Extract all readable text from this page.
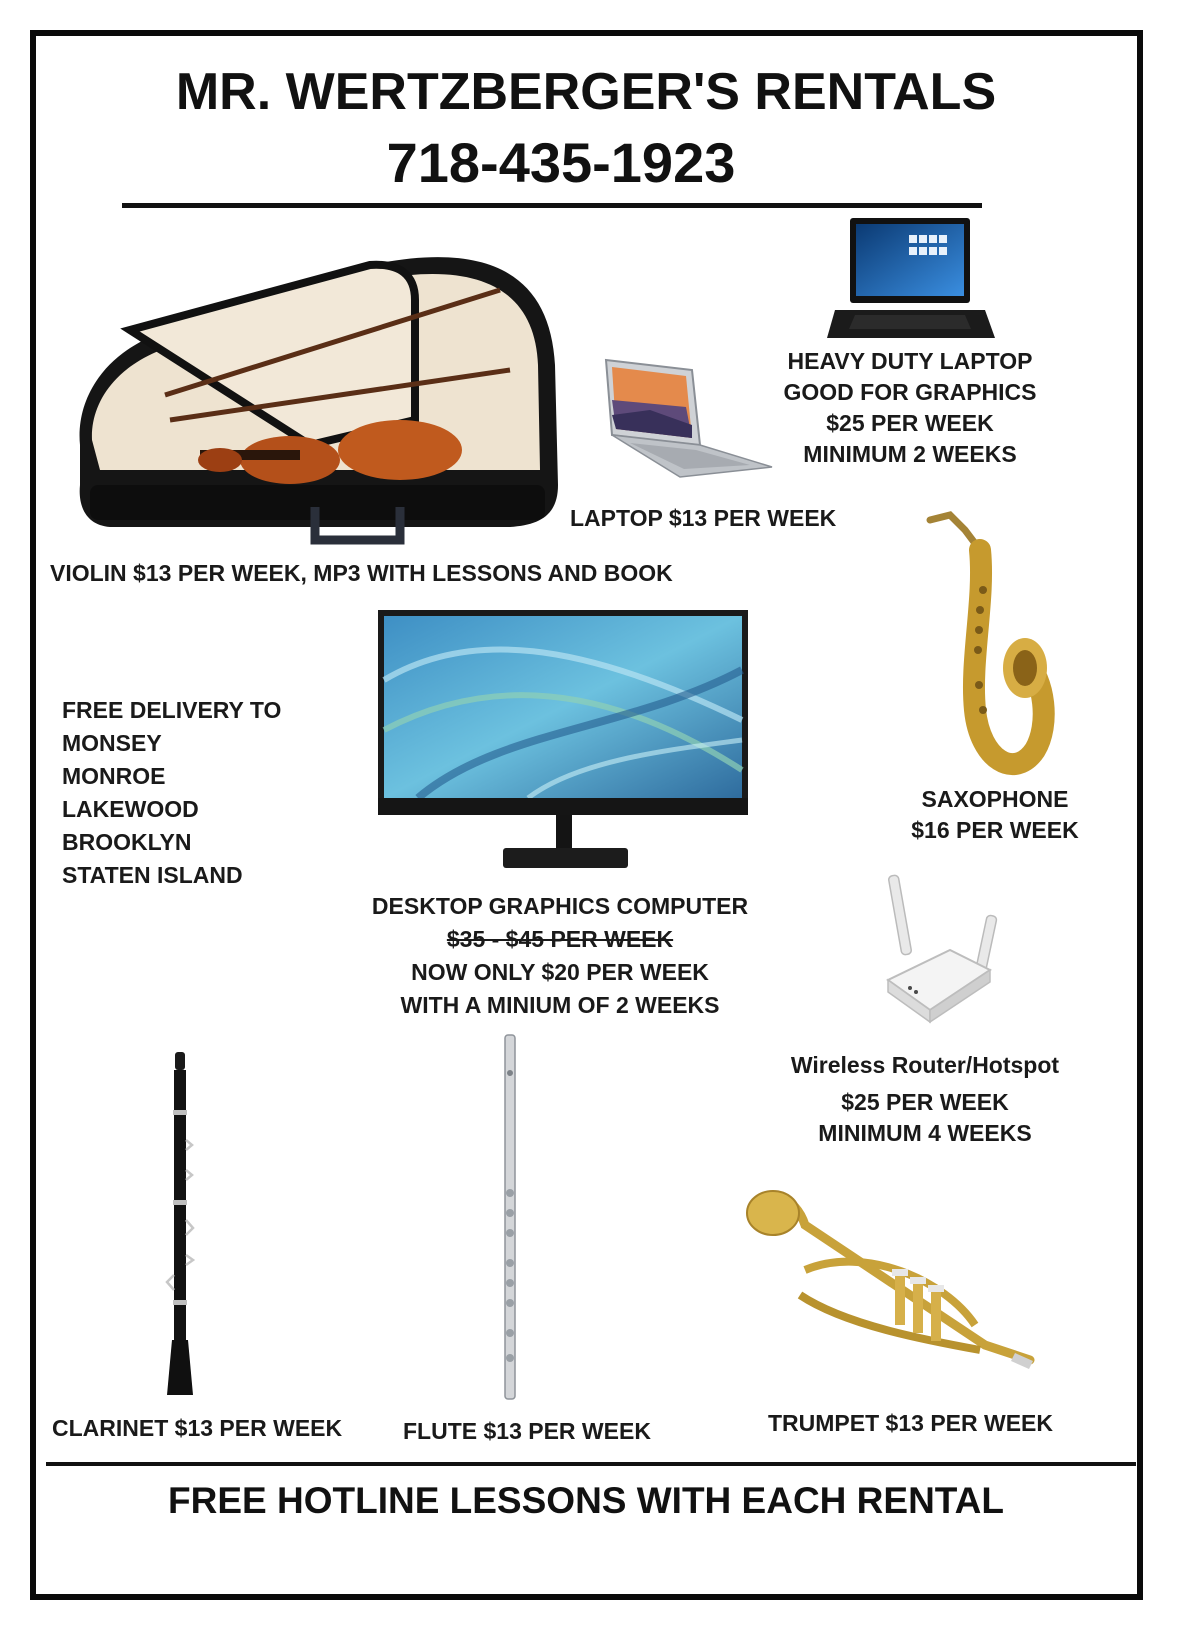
MR. WERTZBERGER'S RENTALS
718-435-1923
HEAVY DUTY LAPTOP
GOOD FOR GRAPHICS
$25 PER WEEK
MINIMUM 2 WEEKS
LAPTOP $13 PER WEEK
VIOLIN $13 PER WEEK, MP3 WITH LESSONS AND BOOK
SAXOPHONE
$16 PER WEEK
FREE DELIVERY TO
MONSEY
MONROE
LAKEWOOD
BROOKLYN
STATEN ISLAND
DESKTOP GRAPHICS COMPUTER
$35 - $45 PER WEEK
NOW ONLY $20 PER WEEK
WITH A MINIUM OF 2 WEEKS
Wireless Router/Hotspot
$25 PER WEEK
MINIMUM 4 WEEKS
CLARINET $13 PER WEEK	FLUTE $13 PER WEEK	TRUMPET $13 PER WEEK
FREE HOTLINE LESSONS WITH EACH RENTAL
